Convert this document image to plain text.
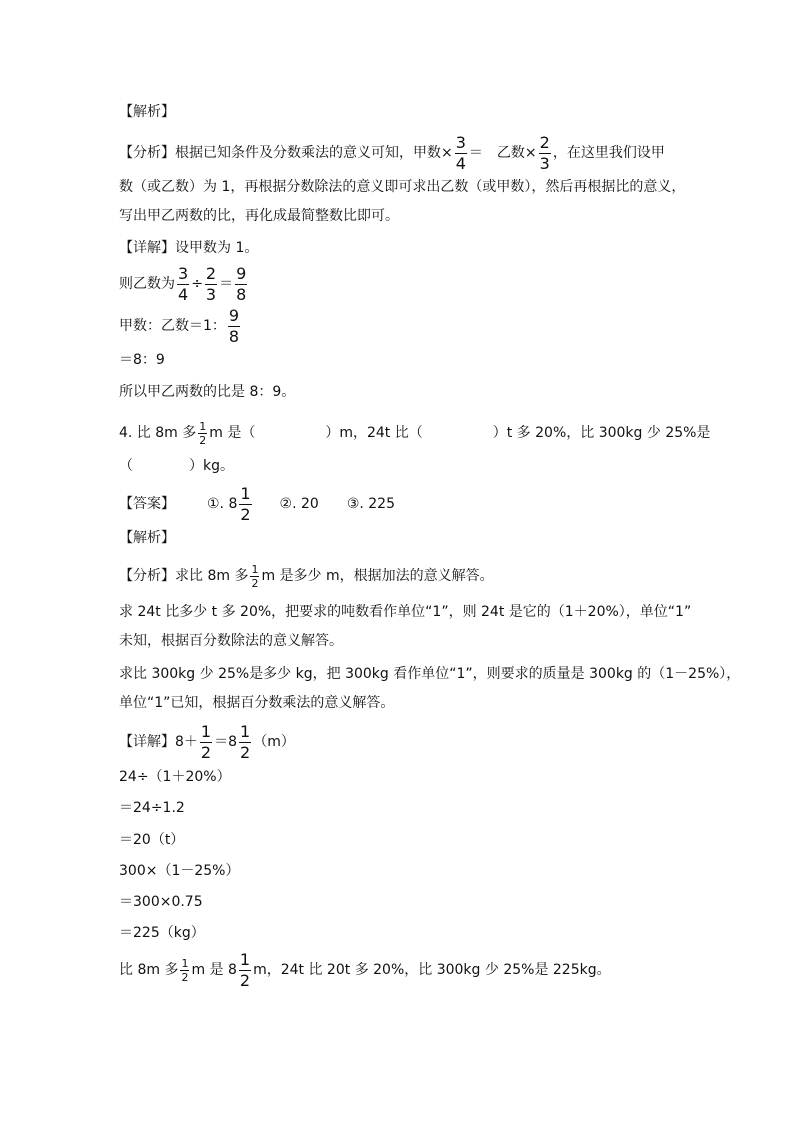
【解析】
【分析】根据已知条件及分数乘法的意义可知，甲数× $\frac{3}{4}$ ＝ 乙数× $\frac{2}{3}$ ，在这里我们设甲
数（或乙数）为 1，再根据分数除法的意义即可求出乙数（或甲数），然后再根据比的意义，
写出甲乙两数的比，再化成最简整数比即可。
【详解】设甲数为 1。
则乙数为 $\frac{3}{4} \div \frac{2}{3} = \frac{9}{8}$
甲数：乙数＝1： $\frac{9}{8}$
＝8：9
所以甲乙两数的比是 8：9。
4. 比 8m 多 $\frac{1}{2}$ m 是（　　　　　）m，24t 比（　　　　　）t 多 20%，比 300kg 少 25%是
（　　　　）kg。
【答案】 ①. $8 \frac{1}{2}$ ②. 20 ③. 225
【解析】
【分析】求比 8m 多 $\frac{1}{2}$ m 是多少 m，根据加法的意义解答。
求 24t 比多少 t 多 20%，把要求的吨数看作单位“1”，则 24t 是它的（1＋20%），单位“1”
未知，根据百分数除法的意义解答。
求比 300kg 少 25%是多少 kg，把 300kg 看作单位“1”，则要求的质量是 300kg 的（1－25%），
单位“1”已知，根据百分数乘法的意义解答。
【详解】$8+ \frac{1}{2} =8 \frac{1}{2} (m)$
24÷（1＋20%）
＝24÷1.2
＝20（t）
300×（1－25%）
＝300×0.75
＝225（kg）
比 8m 多 $\frac{1}{2}$ m 是 $8 \frac{1}{2}$ m，24t 比 20t 多 20%，比 300kg 少 25%是 225kg。
